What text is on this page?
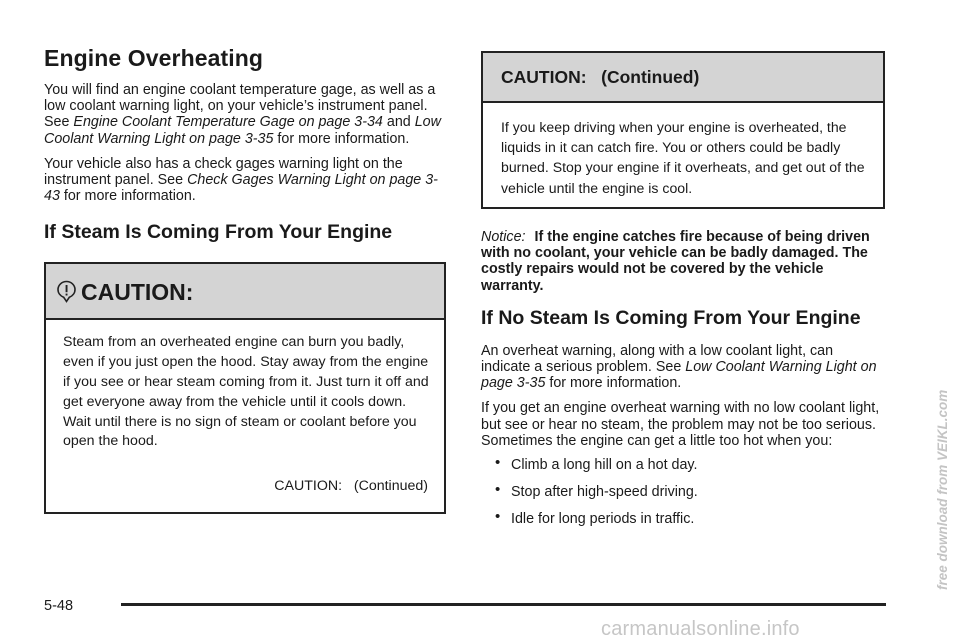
Engine Overheating

You will find an engine coolant temperature gage, as well as a low coolant warning light, on your vehicle’s instrument panel. See Engine Coolant Temperature Gage on page 3-34 and Low Coolant Warning Light on page 3-35 for more information.

Your vehicle also has a check gages warning light on the instrument panel. See Check Gages Warning Light on page 3-43 for more information.

If Steam Is Coming From Your Engine
CAUTION:
Steam from an overheated engine can burn you badly, even if you just open the hood. Stay away from the engine if you see or hear steam coming from it. Just turn it off and get everyone away from the vehicle until it cools down. Wait until there is no sign of steam or coolant before you open the hood.
CAUTION:   (Continued)
CAUTION:   (Continued)
If you keep driving when your engine is overheated, the liquids in it can catch fire. You or others could be badly burned. Stop your engine if it overheats, and get out of the vehicle until the engine is cool.

Notice: If the engine catches fire because of being driven with no coolant, your vehicle can be badly damaged. The costly repairs would not be covered by the vehicle warranty.

If No Steam Is Coming From Your Engine

An overheat warning, along with a low coolant light, can indicate a serious problem. See Low Coolant Warning Light on page 3-35 for more information.

If you get an engine overheat warning with no low coolant light, but see or hear no steam, the problem may not be too serious. Sometimes the engine can get a little too hot when you:

• Climb a long hill on a hot day.
• Stop after high-speed driving.
• Idle for long periods in traffic.
5-48
free download from VEIKL.com
carmanualsonline.info
